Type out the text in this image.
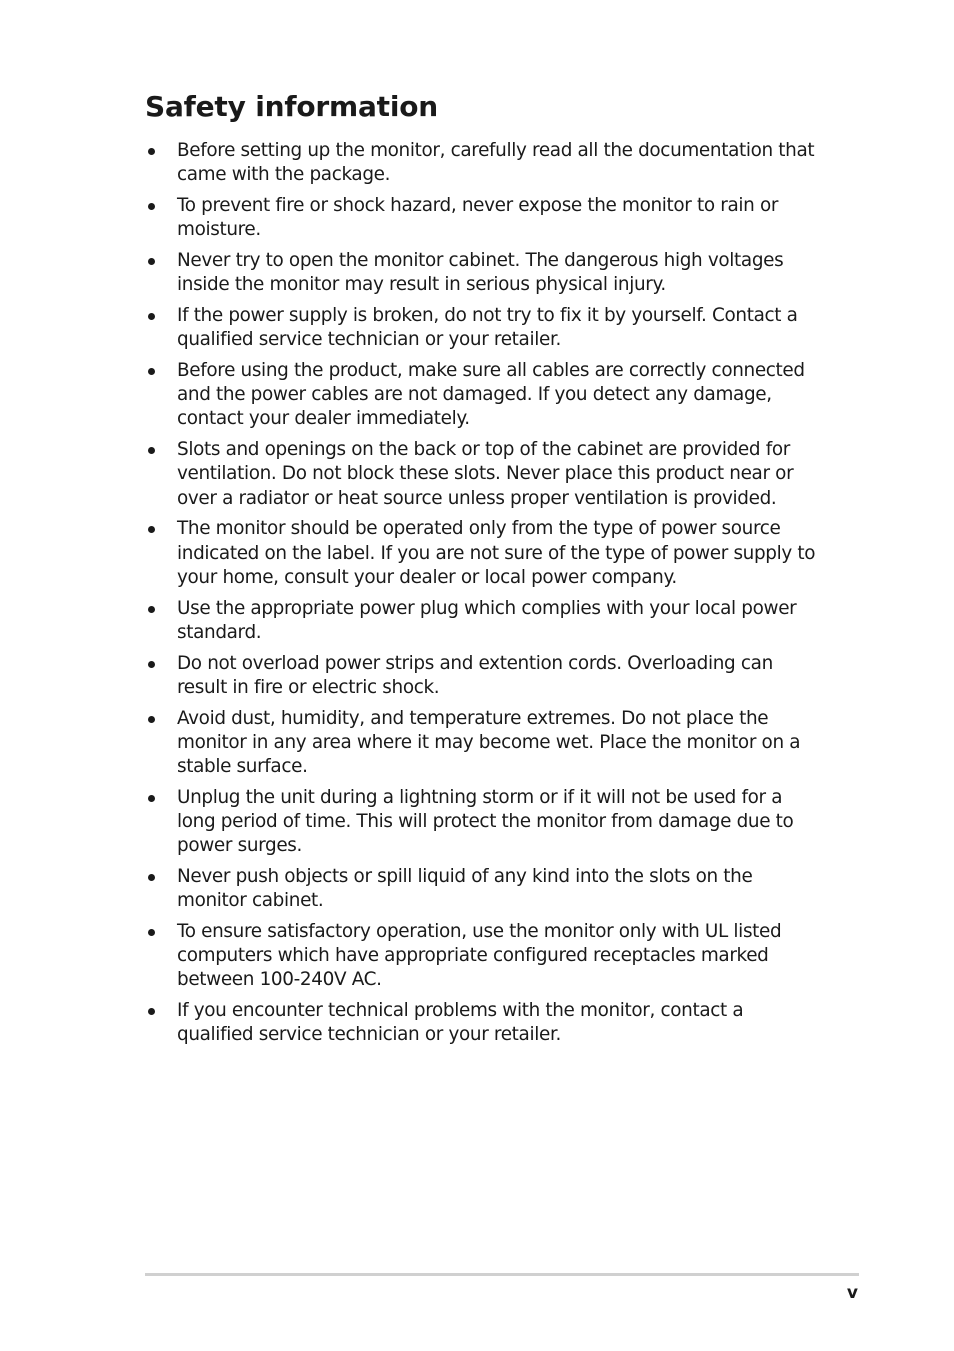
Safety information
Before setting up the monitor, carefully read all the documentation that came with the package.
To prevent fire or shock hazard, never expose the monitor to rain or moisture.
Never try to open the monitor cabinet. The dangerous high voltages inside the monitor may result in serious physical injury.
If the power supply is broken, do not try to fix it by yourself. Contact a qualified service technician or your retailer.
Before using the product, make sure all cables are correctly connected and the power cables are not damaged. If you detect any damage, contact your dealer immediately.
Slots and openings on the back or top of the cabinet are provided for ventilation. Do not block these slots. Never place this product near or over a radiator or heat source unless proper ventilation is provided.
The monitor should be operated only from the type of power source indicated on the label. If you are not sure of the type of power supply to your home, consult your dealer or local power company.
Use the appropriate power plug which complies with your local power standard.
Do not overload power strips and extention cords. Overloading can result in fire or electric shock.
Avoid dust, humidity, and temperature extremes. Do not place the monitor in any area where it may become wet. Place the monitor on a stable surface.
Unplug the unit during a lightning storm or if it will not be used for a long period of time. This will protect the monitor from damage due to power surges.
Never push objects or spill liquid of any kind into the slots on the monitor cabinet.
To ensure satisfactory operation, use the monitor only with UL listed computers which have appropriate configured receptacles marked between 100-240V AC.
If you encounter technical problems with the monitor, contact a qualified service technician or your retailer.
v
